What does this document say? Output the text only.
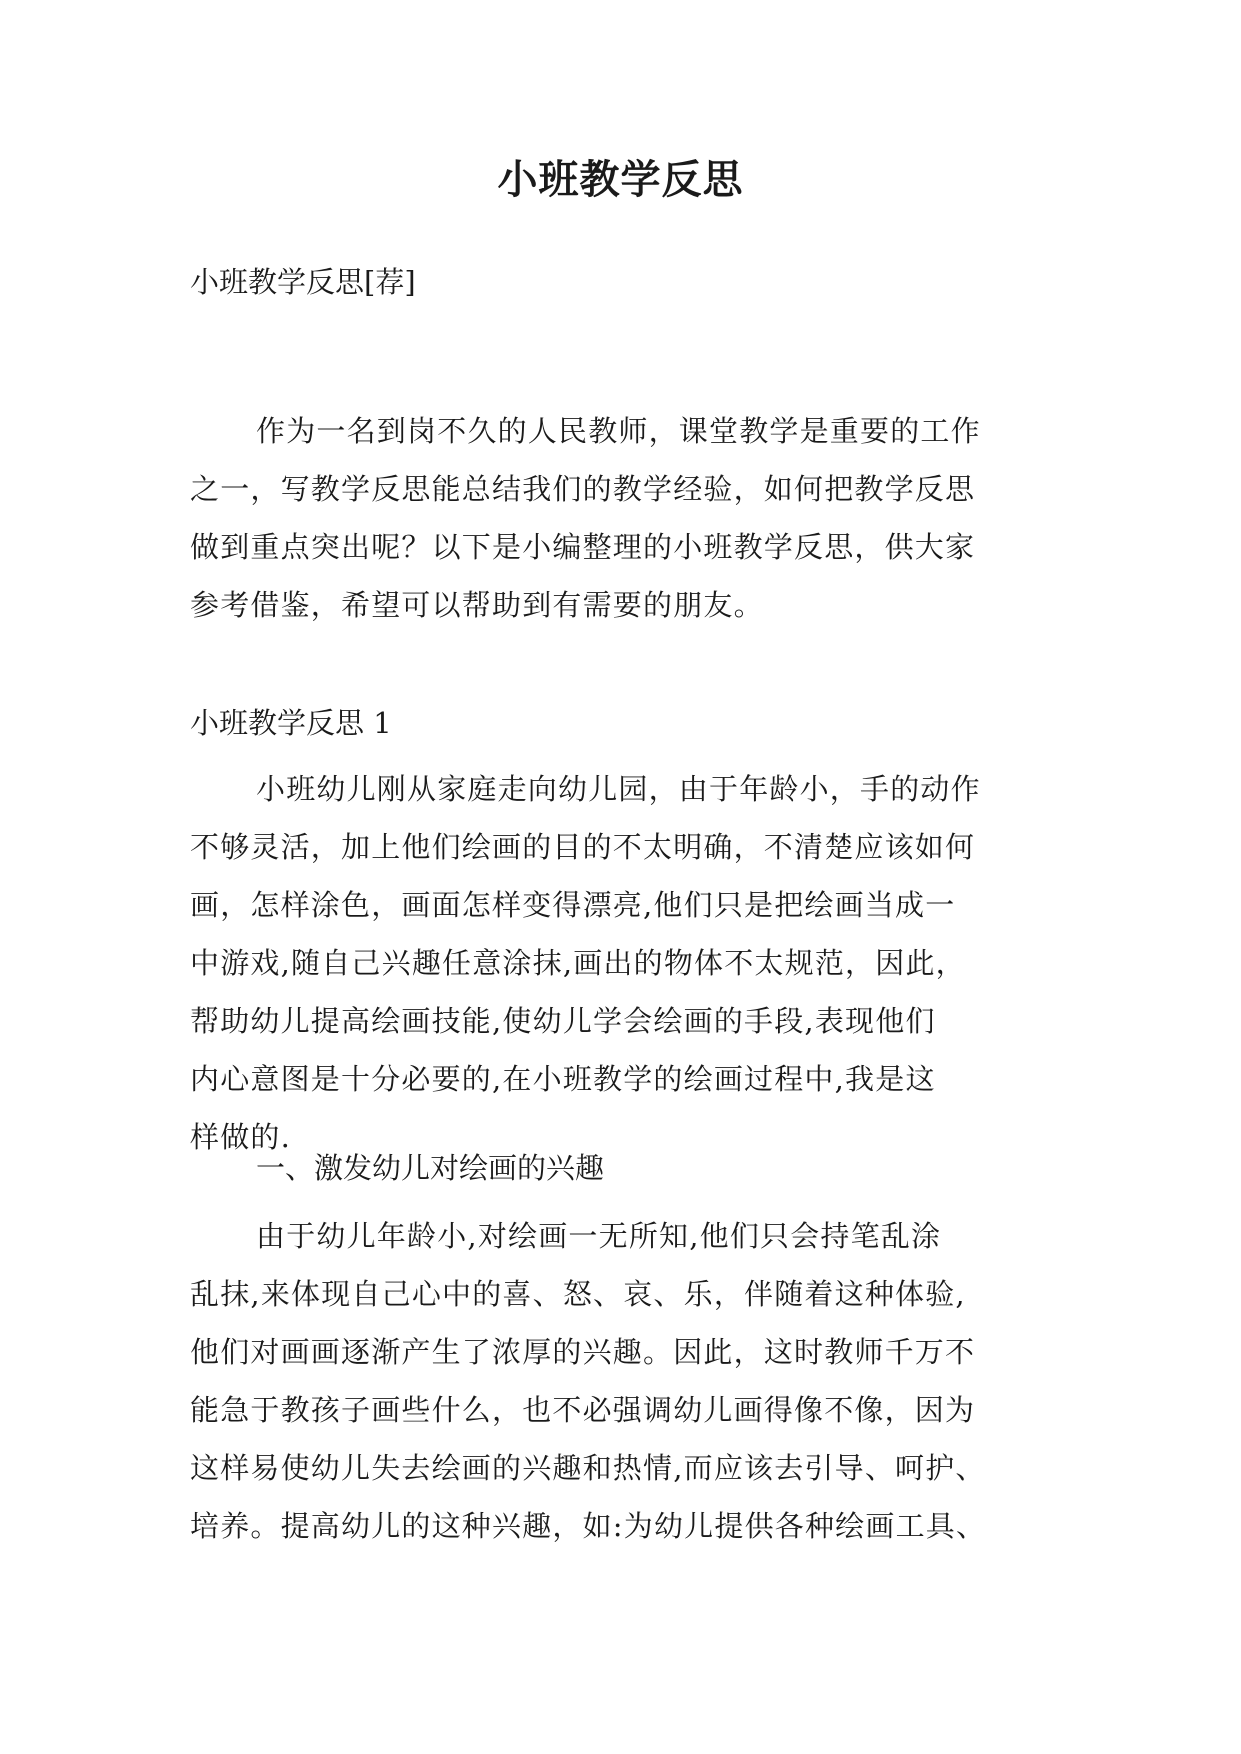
小班教学反思
小班教学反思[荐]
作为一名到岗不久的人民教师，课堂教学是重要的工作
之一，写教学反思能总结我们的教学经验，如何把教学反思
做到重点突出呢？以下是小编整理的小班教学反思，供大家
参考借鉴，希望可以帮助到有需要的朋友。
小班教学反思 1
小班幼儿刚从家庭走向幼儿园，由于年龄小，手的动作
不够灵活，加上他们绘画的目的不太明确，不清楚应该如何
画，怎样涂色，画面怎样变得漂亮,他们只是把绘画当成一
中游戏,随自己兴趣任意涂抹,画出的物体不太规范，因此，
帮助幼儿提高绘画技能,使幼儿学会绘画的手段,表现他们
内心意图是十分必要的,在小班教学的绘画过程中,我是这
样做的.
一、激发幼儿对绘画的兴趣
由于幼儿年龄小,对绘画一无所知,他们只会持笔乱涂
乱抹,来体现自己心中的喜、怒、哀、乐，伴随着这种体验,
他们对画画逐渐产生了浓厚的兴趣。因此，这时教师千万不
能急于教孩子画些什么，也不必强调幼儿画得像不像，因为
这样易使幼儿失去绘画的兴趣和热情,而应该去引导、呵护、
培养。提高幼儿的这种兴趣，如:为幼儿提供各种绘画工具、
